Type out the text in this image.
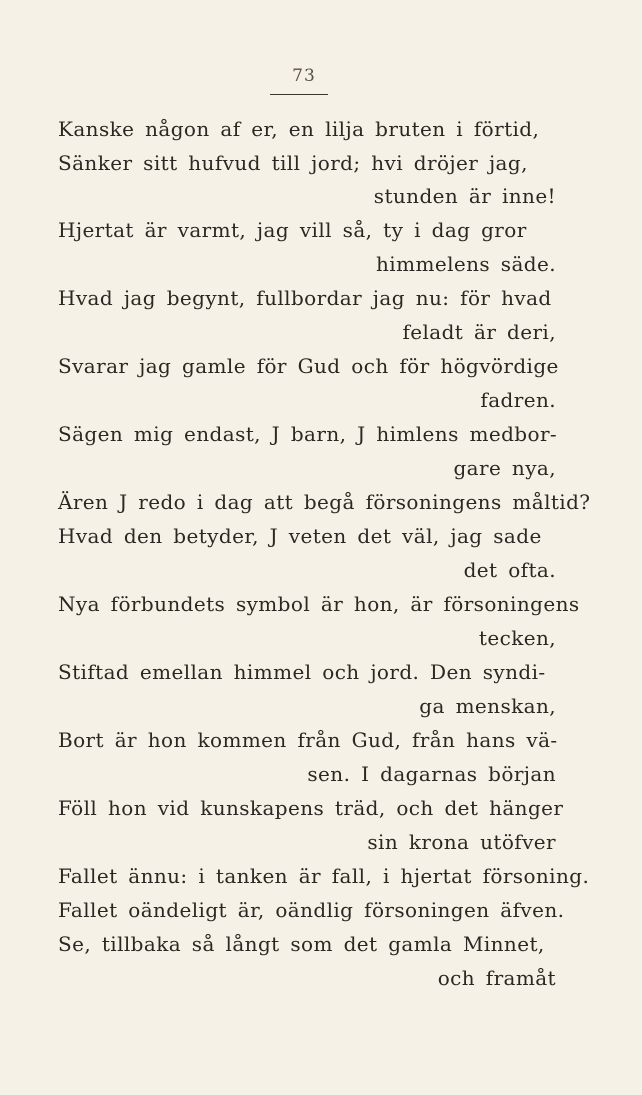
73
Kanske någon af er, en lilja bruten i förtid,
Sänker sitt hufvud till jord; hvi dröjer jag,
stunden är inne!
Hjertat är varmt, jag vill så, ty i dag gror
himmelens säde.
Hvad jag begynt, fullbordar jag nu: för hvad
feladt är deri,
Svarar jag gamle för Gud och för högvördige
fadren.
Sägen mig endast, J barn, J himlens medbor-
gare nya,
Ären J redo i dag att begå försoningens måltid?
Hvad den betyder, J veten det väl, jag sade
det ofta.
Nya förbundets symbol är hon, är försoningens
tecken,
Stiftad emellan himmel och jord. Den syndi-
ga menskan,
Bort är hon kommen från Gud, från hans vä-
sen. I dagarnas början
Föll hon vid kunskapens träd, och det hänger
sin krona utöfver
Fallet ännu: i tanken är fall, i hjertat försoning.
Fallet oändeligt är, oändlig försoningen äfven.
Se, tillbaka så långt som det gamla Minnet,
och framåt
